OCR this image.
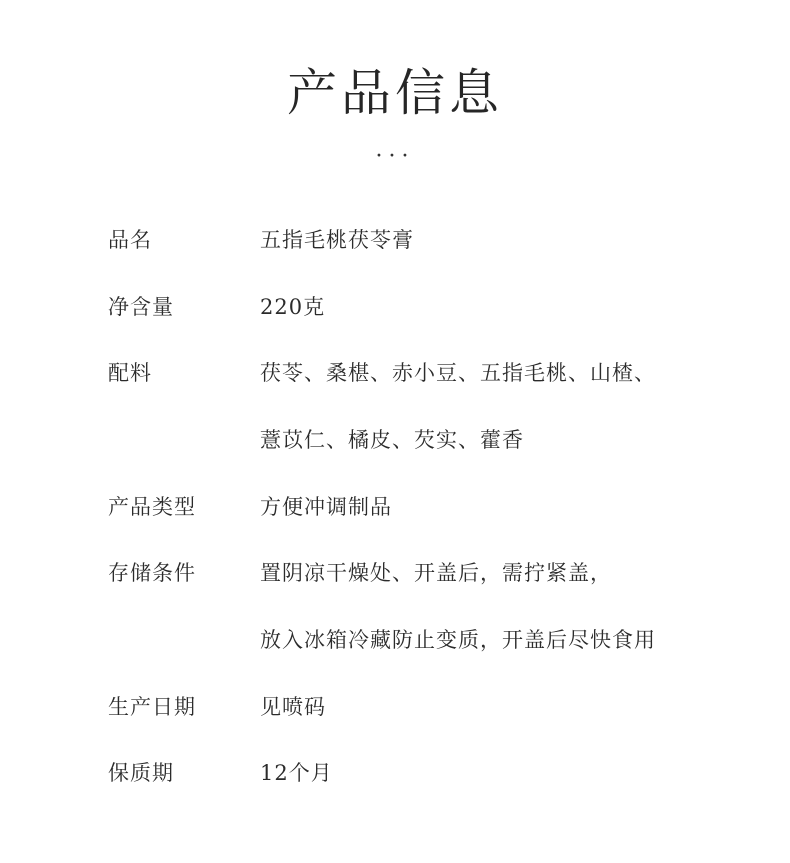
产品信息
···
品名	五指毛桃茯苓膏
净含量	220克
配料	茯苓、桑椹、赤小豆、五指毛桃、山楂、
薏苡仁、橘皮、芡实、藿香
产品类型	方便冲调制品
存储条件	置阴凉干燥处、开盖后，需拧紧盖，
放入冰箱冷藏防止变质，开盖后尽快食用
生产日期	见喷码
保质期	12个月
